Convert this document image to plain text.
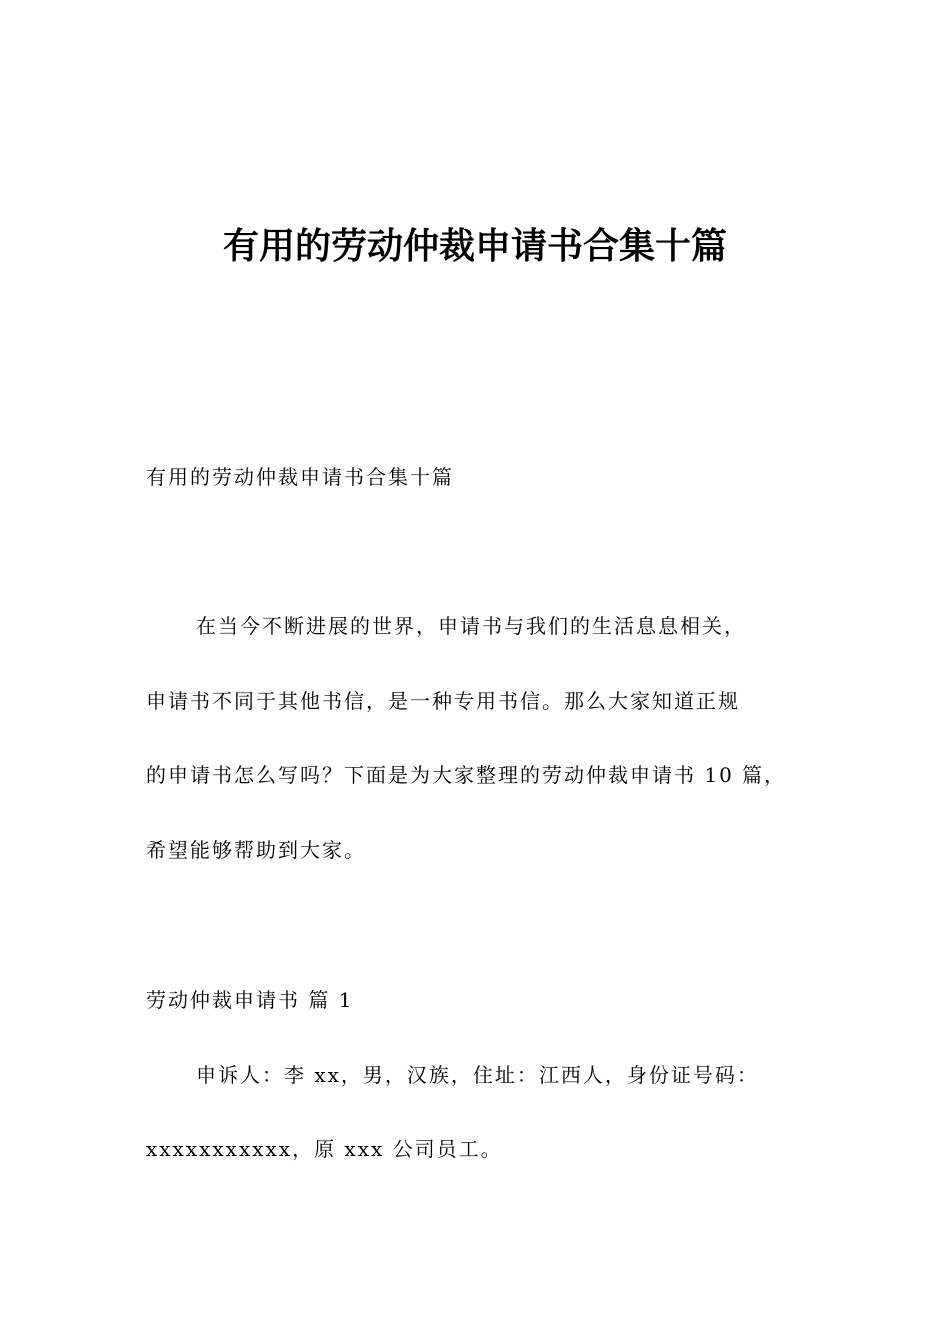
有用的劳动仲裁申请书合集十篇
有用的劳动仲裁申请书合集十篇
在当今不断进展的世界，申请书与我们的生活息息相关，
申请书不同于其他书信，是一种专用书信。那么大家知道正规
的申请书怎么写吗？下面是为大家整理的劳动仲裁申请书 10 篇，
希望能够帮助到大家。
劳动仲裁申请书 篇 1
申诉人：李 xx，男，汉族，住址：江西人，身份证号码：
xxxxxxxxxxx，原 xxx 公司员工。
